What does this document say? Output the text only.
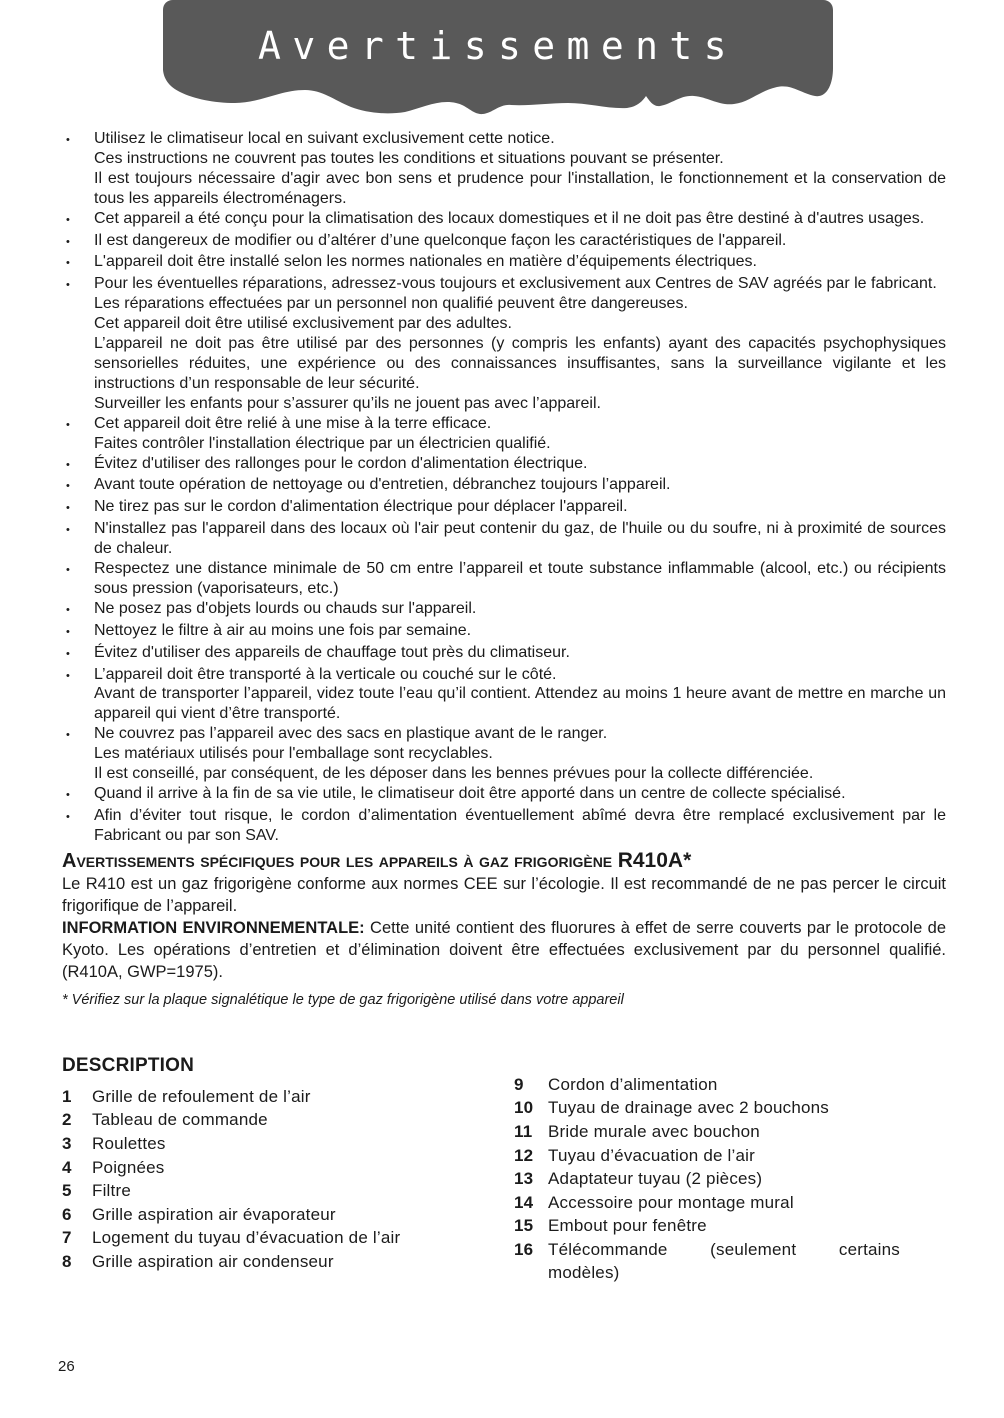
Avertissements
•	Utilisez le climatiseur local en suivant exclusivement cette notice.
Ces instructions ne couvrent pas toutes les conditions et situations pouvant se présenter.
Il est toujours nécessaire d'agir avec bon sens et prudence pour l'installation, le fonctionnement et la conservation de tous les appareils électroménagers.
•	Cet appareil a été conçu pour la climatisation des locaux domestiques et il ne doit pas être destiné à d'autres usages.
•	Il est dangereux de modifier ou d’altérer d’une quelconque façon les caractéristiques de l'appareil.
•	L'appareil doit être installé selon les normes nationales en matière d’équipements électriques.
•	Pour les éventuelles réparations, adressez-vous toujours et exclusivement aux Centres de SAV agréés par le fabricant.
Les réparations effectuées par un personnel non qualifié peuvent être dangereuses.
Cet appareil doit être utilisé exclusivement par des adultes.
L’appareil ne doit pas être utilisé par des personnes (y compris les enfants) ayant des capacités psychophysiques sensorielles réduites, une expérience ou des connaissances insuffisantes, sans la surveillance vigilante et les instructions d’un responsable de leur sécurité.
Surveiller les enfants pour s’assurer qu’ils ne jouent pas avec l’appareil.
•	Cet appareil doit être relié à une mise à la terre efficace.
Faites contrôler l'installation électrique par un électricien qualifié.
•	Évitez d'utiliser des rallonges pour le cordon d'alimentation électrique.
•	Avant toute opération de nettoyage ou d'entretien, débranchez toujours l’appareil.
•	Ne tirez pas sur le cordon d'alimentation électrique pour déplacer l'appareil.
•	N'installez pas l'appareil dans des locaux où l'air peut contenir du gaz, de l'huile ou du soufre, ni à proximité de sources de chaleur.
•	Respectez une distance minimale de 50 cm entre l’appareil et toute substance inflammable (alcool, etc.) ou récipients sous pression (vaporisateurs, etc.)
•	Ne posez pas d'objets lourds ou chauds sur l'appareil.
•	Nettoyez le filtre à air au moins une fois par semaine.
•	Évitez d'utiliser des appareils de chauffage tout près du climatiseur.
•	L’appareil doit être transporté à la verticale ou couché sur le côté.
Avant de transporter l’appareil, videz toute l’eau qu’il contient. Attendez au moins 1 heure avant de mettre en marche un appareil qui vient d’être transporté.
•	Ne couvrez pas l’appareil avec des sacs en plastique avant de le ranger.
Les matériaux utilisés pour l'emballage sont recyclables.
Il est conseillé, par conséquent, de les déposer dans les bennes prévues pour la collecte différenciée.
•	Quand il arrive à la fin de sa vie utile, le climatiseur doit être apporté dans un centre de collecte spécialisé.
•	Afin d’éviter tout risque, le cordon d’alimentation éventuellement abîmé devra être remplacé exclusivement par le Fabricant ou par son SAV.
Avertissements spécifiques pour les appareils à gaz frigorigène R410A*
Le R410 est un gaz frigorigène conforme aux normes CEE sur l’écologie. Il est recommandé de ne pas percer le circuit frigorifique de l’appareil.
INFORMATION ENVIRONNEMENTALE: Cette unité contient des fluorures à effet de serre couverts par le protocole de Kyoto. Les opérations d’entretien et d’élimination doivent être effectuées exclusivement par du personnel qualifié. (R410A, GWP=1975).
* Vérifiez sur la plaque signalétique le type de gaz frigorigène utilisé dans votre appareil
DESCRIPTION
1	Grille de refoulement de l’air
2	Tableau de commande
3	Roulettes
4	Poignées
5	Filtre
6	Grille aspiration air évaporateur
7	Logement du tuyau d’évacuation de l’air
8	Grille aspiration air condenseur
9	Cordon d’alimentation
10 Tuyau de drainage avec 2 bouchons
11 Bride murale avec bouchon
12 Tuyau d’évacuation de l’air
13 Adaptateur tuyau (2 pièces)
14 Accessoire pour montage mural
15 Embout pour fenêtre
16 Télécommande (seulement certains modèles)
26
